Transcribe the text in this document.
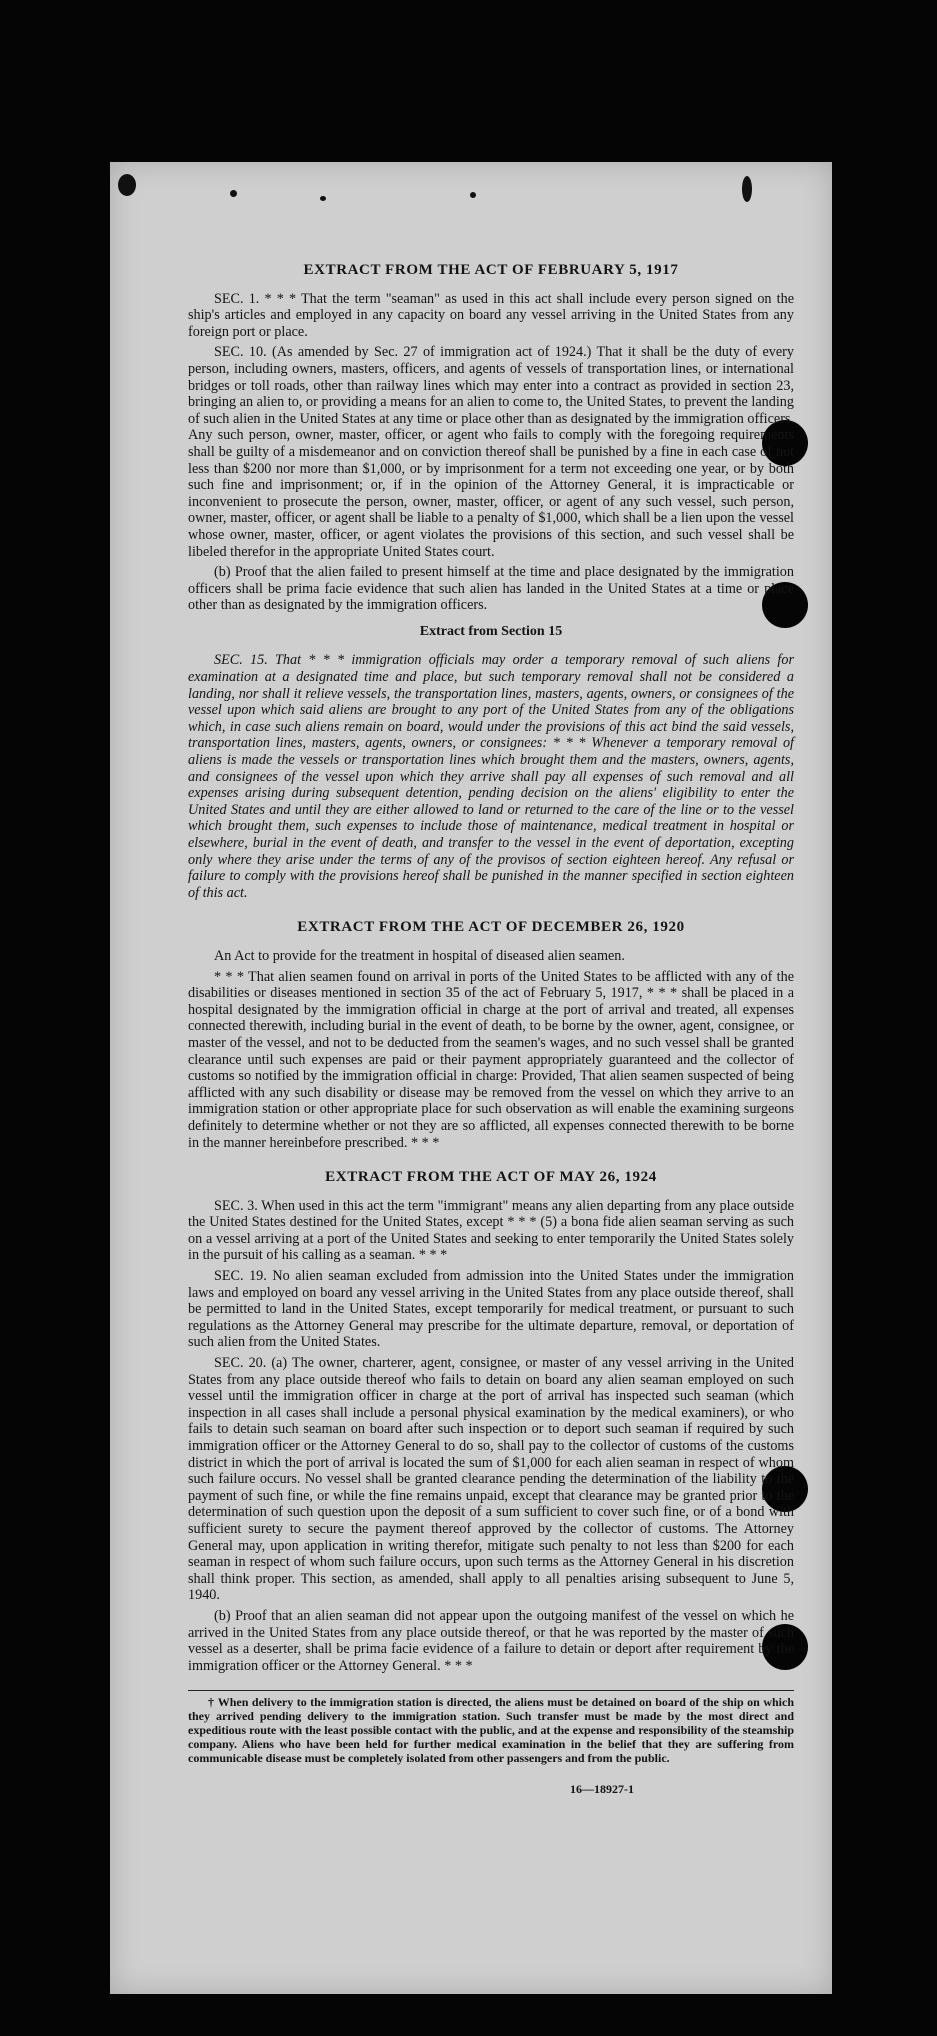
EXTRACT FROM THE ACT OF FEBRUARY 5, 1917

SEC. 1. * * * That the term "seaman" as used in this act shall include every person signed on the ship's articles and employed in any capacity on board any vessel arriving in the United States from any foreign port or place.

SEC. 10. (As amended by Sec. 27 of immigration act of 1924.) That it shall be the duty of every person, including owners, masters, officers, and agents of vessels of transportation lines, or international bridges or toll roads, other than railway lines which may enter into a contract as provided in section 23, bringing an alien to, or providing a means for an alien to come to, the United States, to prevent the landing of such alien in the United States at any time or place other than as designated by the immigration officers. Any such person, owner, master, officer, or agent who fails to comply with the foregoing requirements shall be guilty of a misdemeanor and on conviction thereof shall be punished by a fine in each case of not less than $200 nor more than $1,000, or by imprisonment for a term not exceeding one year, or by both such fine and imprisonment; or, if in the opinion of the Attorney General, it is impracticable or inconvenient to prosecute the person, owner, master, officer, or agent of any such vessel, such person, owner, master, officer, or agent shall be liable to a penalty of $1,000, which shall be a lien upon the vessel whose owner, master, officer, or agent violates the provisions of this section, and such vessel shall be libeled therefor in the appropriate United States court.

(b) Proof that the alien failed to present himself at the time and place designated by the immigration officers shall be prima facie evidence that such alien has landed in the United States at a time or place other than as designated by the immigration officers.

Extract from Section 15

SEC. 15. That * * * immigration officials may order a temporary removal of such aliens for examination at a designated time and place, but such temporary removal shall not be considered a landing, nor shall it relieve vessels, the transportation lines, masters, agents, owners, or consignees of the vessel upon which said aliens are brought to any port of the United States from any of the obligations which, in case such aliens remain on board, would under the provisions of this act bind the said vessels, transportation lines, masters, agents, owners, or consignees: * * * Whenever a temporary removal of aliens is made the vessels or transportation lines which brought them and the masters, owners, agents, and consignees of the vessel upon which they arrive shall pay all expenses of such removal and all expenses arising during subsequent detention, pending decision on the aliens' eligibility to enter the United States and until they are either allowed to land or returned to the care of the line or to the vessel which brought them, such expenses to include those of maintenance, medical treatment in hospital or elsewhere, burial in the event of death, and transfer to the vessel in the event of deportation, excepting only where they arise under the terms of any of the provisos of section eighteen hereof. Any refusal or failure to comply with the provisions hereof shall be punished in the manner specified in section eighteen of this act.

EXTRACT FROM THE ACT OF DECEMBER 26, 1920

An Act to provide for the treatment in hospital of diseased alien seamen.

* * * That alien seamen found on arrival in ports of the United States to be afflicted with any of the disabilities or diseases mentioned in section 35 of the act of February 5, 1917, * * * shall be placed in a hospital designated by the immigration official in charge at the port of arrival and treated, all expenses connected therewith, including burial in the event of death, to be borne by the owner, agent, consignee, or master of the vessel, and not to be deducted from the seamen's wages, and no such vessel shall be granted clearance until such expenses are paid or their payment appropriately guaranteed and the collector of customs so notified by the immigration official in charge: Provided, That alien seamen suspected of being afflicted with any such disability or disease may be removed from the vessel on which they arrive to an immigration station or other appropriate place for such observation as will enable the examining surgeons definitely to determine whether or not they are so afflicted, all expenses connected therewith to be borne in the manner hereinbefore prescribed. * * *

EXTRACT FROM THE ACT OF MAY 26, 1924

SEC. 3. When used in this act the term "immigrant" means any alien departing from any place outside the United States destined for the United States, except * * * (5) a bona fide alien seaman serving as such on a vessel arriving at a port of the United States and seeking to enter temporarily the United States solely in the pursuit of his calling as a seaman. * * *

SEC. 19. No alien seaman excluded from admission into the United States under the immigration laws and employed on board any vessel arriving in the United States from any place outside thereof, shall be permitted to land in the United States, except temporarily for medical treatment, or pursuant to such regulations as the Attorney General may prescribe for the ultimate departure, removal, or deportation of such alien from the United States.

SEC. 20. (a) The owner, charterer, agent, consignee, or master of any vessel arriving in the United States from any place outside thereof who fails to detain on board any alien seaman employed on such vessel until the immigration officer in charge at the port of arrival has inspected such seaman (which inspection in all cases shall include a personal physical examination by the medical examiners), or who fails to detain such seaman on board after such inspection or to deport such seaman if required by such immigration officer or the Attorney General to do so, shall pay to the collector of customs of the customs district in which the port of arrival is located the sum of $1,000 for each alien seaman in respect of whom such failure occurs. No vessel shall be granted clearance pending the determination of the liability to the payment of such fine, or while the fine remains unpaid, except that clearance may be granted prior to the determination of such question upon the deposit of a sum sufficient to cover such fine, or of a bond with sufficient surety to secure the payment thereof approved by the collector of customs. The Attorney General may, upon application in writing therefor, mitigate such penalty to not less than $200 for each seaman in respect of whom such failure occurs, upon such terms as the Attorney General in his discretion shall think proper. This section, as amended, shall apply to all penalties arising subsequent to June 5, 1940.

(b) Proof that an alien seaman did not appear upon the outgoing manifest of the vessel on which he arrived in the United States from any place outside thereof, or that he was reported by the master of such vessel as a deserter, shall be prima facie evidence of a failure to detain or deport after requirement by the immigration officer or the Attorney General. * * *

† When delivery to the immigration station is directed, the aliens must be detained on board of the ship on which they arrived pending delivery to the immigration station. Such transfer must be made by the most direct and expeditious route with the least possible contact with the public, and at the expense and responsibility of the steamship company. Aliens who have been held for further medical examination in the belief that they are suffering from communicable disease must be completely isolated from other passengers and from the public.

16—18927-1
